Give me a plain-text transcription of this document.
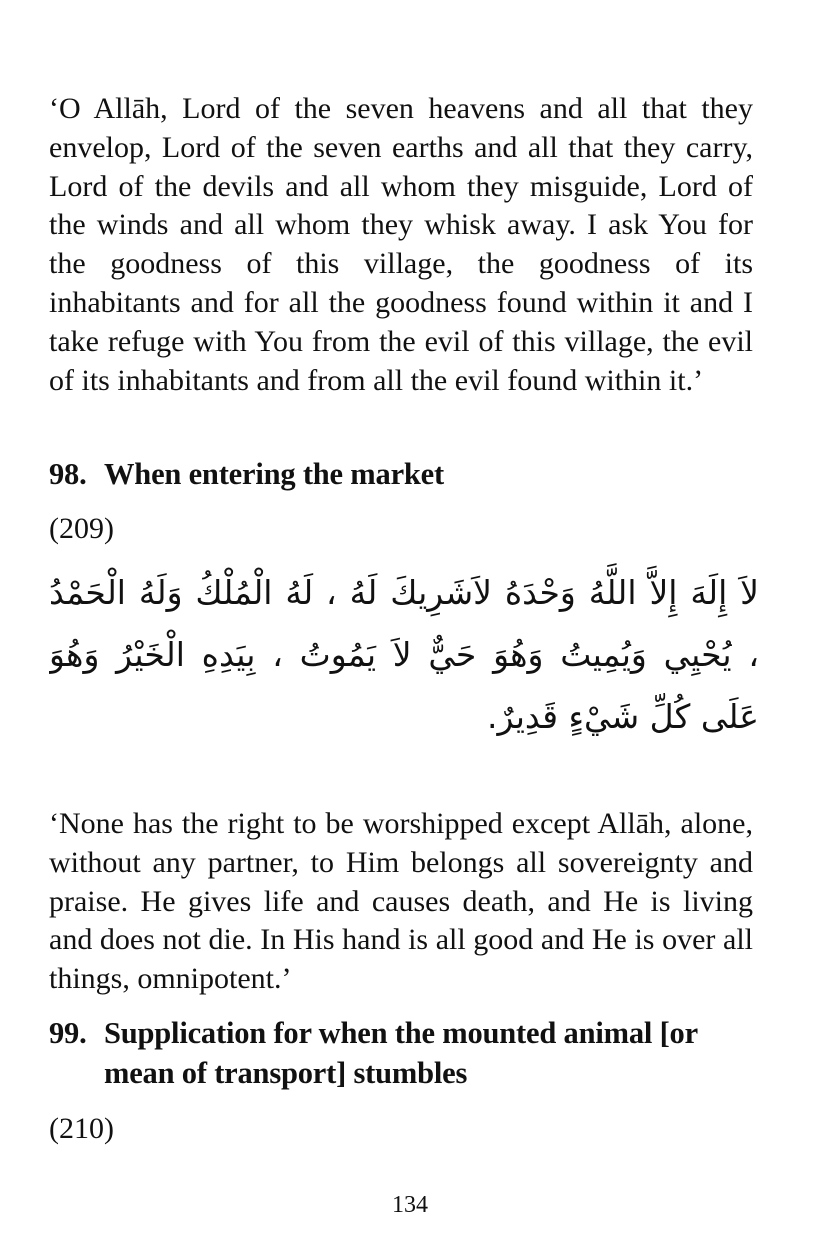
‘O Allāh, Lord of the seven heavens and all that they envelop, Lord of the seven earths and all that they carry, Lord of the devils and all whom they misguide, Lord of the winds and all whom they whisk away. I ask You for the goodness of this village, the goodness of its inhabitants and for all the goodness found within it and I take refuge with You from the evil of this village, the evil of its inhabitants and from all the evil found within it.’

98. When entering the market

(209)

لاَ إِلَهَ إِلاَّ اللَّهُ وَحْدَهُ لاَشَرِيكَ لَهُ ، لَهُ الْمُلْكُ وَلَهُ الْحَمْدُ
، يُحْيِي وَيُمِيتُ وَهُوَ حَيٌّ لاَ يَمُوتُ ، بِيَدِهِ الْخَيْرُ وَهُوَ
عَلَى كُلِّ شَيْءٍ قَدِيرٌ.

‘None has the right to be worshipped except Allāh, alone, without any partner, to Him belongs all sovereignty and praise. He gives life and causes death, and He is living and does not die. In His hand is all good and He is over all things, omnipotent.’

99. Supplication for when the mounted animal [or mean of transport] stumbles

(210)

134
